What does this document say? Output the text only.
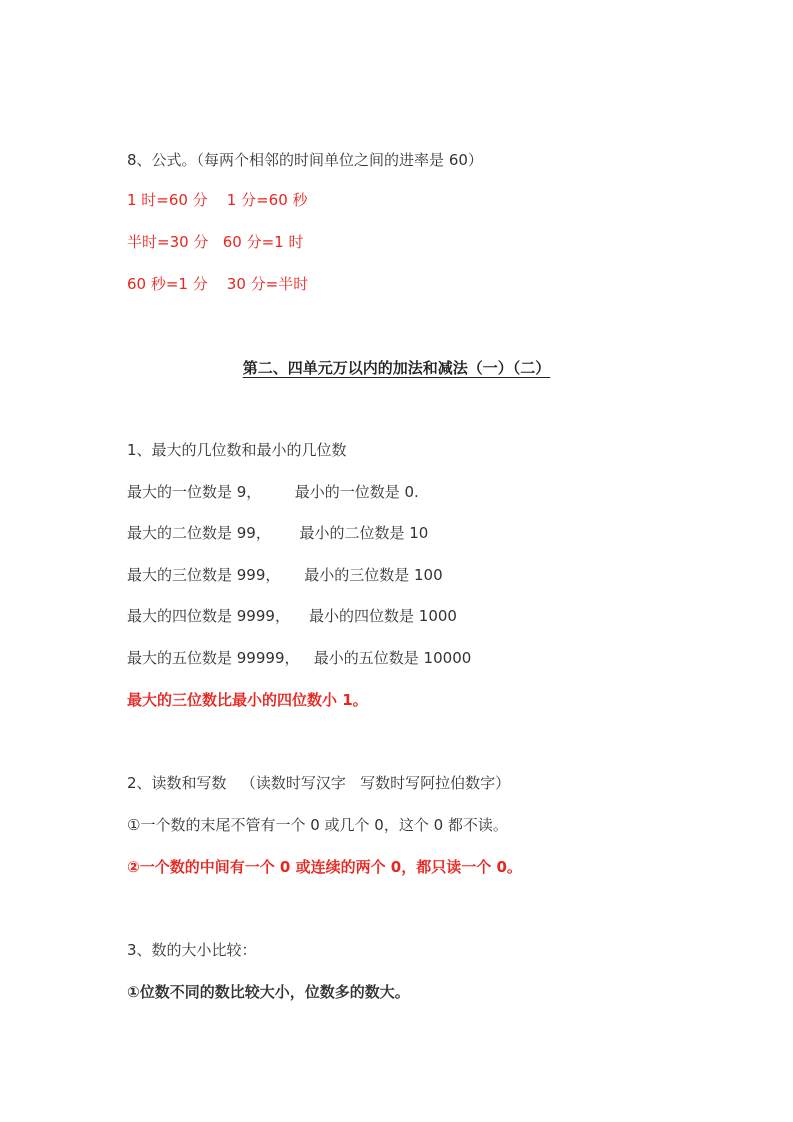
8、公式。（每两个相邻的时间单位之间的进率是 60）
1 时=60 分    1 分=60 秒
半时=30 分   60 分=1 时
60 秒=1 分    30 分=半时
第二、四单元万以内的加法和减法（一）（二）
1、最大的几位数和最小的几位数
最大的一位数是 9，       最小的一位数是 0.
最大的二位数是 99，      最小的二位数是 10
最大的三位数是 999，     最小的三位数是 100
最大的四位数是 9999，    最小的四位数是 1000
最大的五位数是 99999，   最小的五位数是 10000
最大的三位数比最小的四位数小 1。
2、读数和写数   （读数时写汉字   写数时写阿拉伯数字）
①一个数的末尾不管有一个 0 或几个 0，这个 0 都不读。
②一个数的中间有一个 0 或连续的两个 0，都只读一个 0。
3、数的大小比较：
①位数不同的数比较大小，位数多的数大。
